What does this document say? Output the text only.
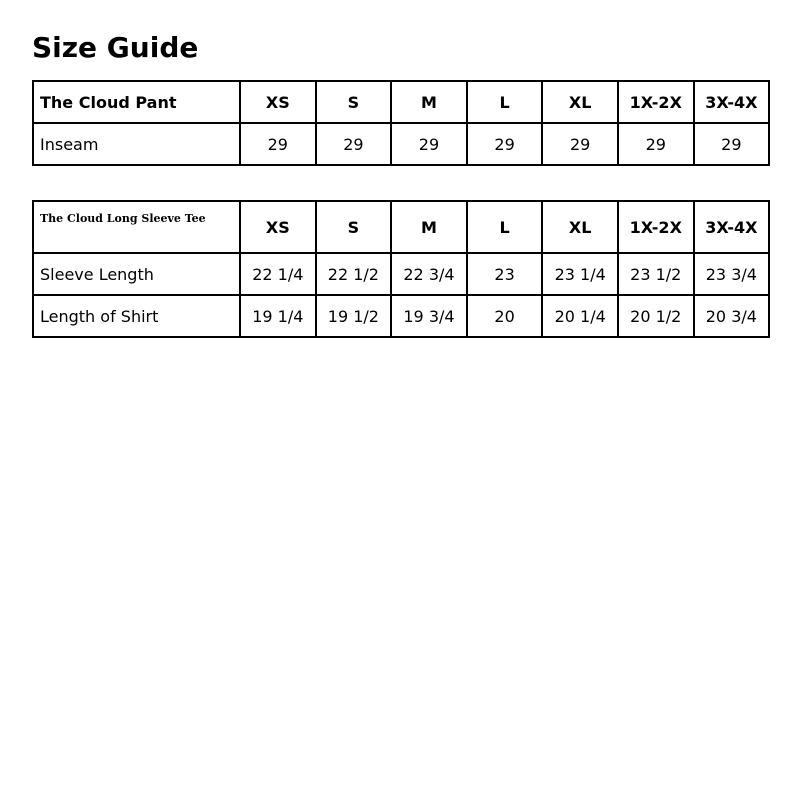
Size Guide
The Cloud Pant	XS	S	M	L	XL	1X-2X	3X-4X
Inseam	29	29	29	29	29	29	29
The Cloud Long Sleeve Tee	XS	S	M	L	XL	1X-2X	3X-4X
Sleeve Length	22 1/4	22 1/2	22 3/4	23	23 1/4	23 1/2	23 3/4
Length of Shirt	19 1/4	19 1/2	19 3/4	20	20 1/4	20 1/2	20 3/4
